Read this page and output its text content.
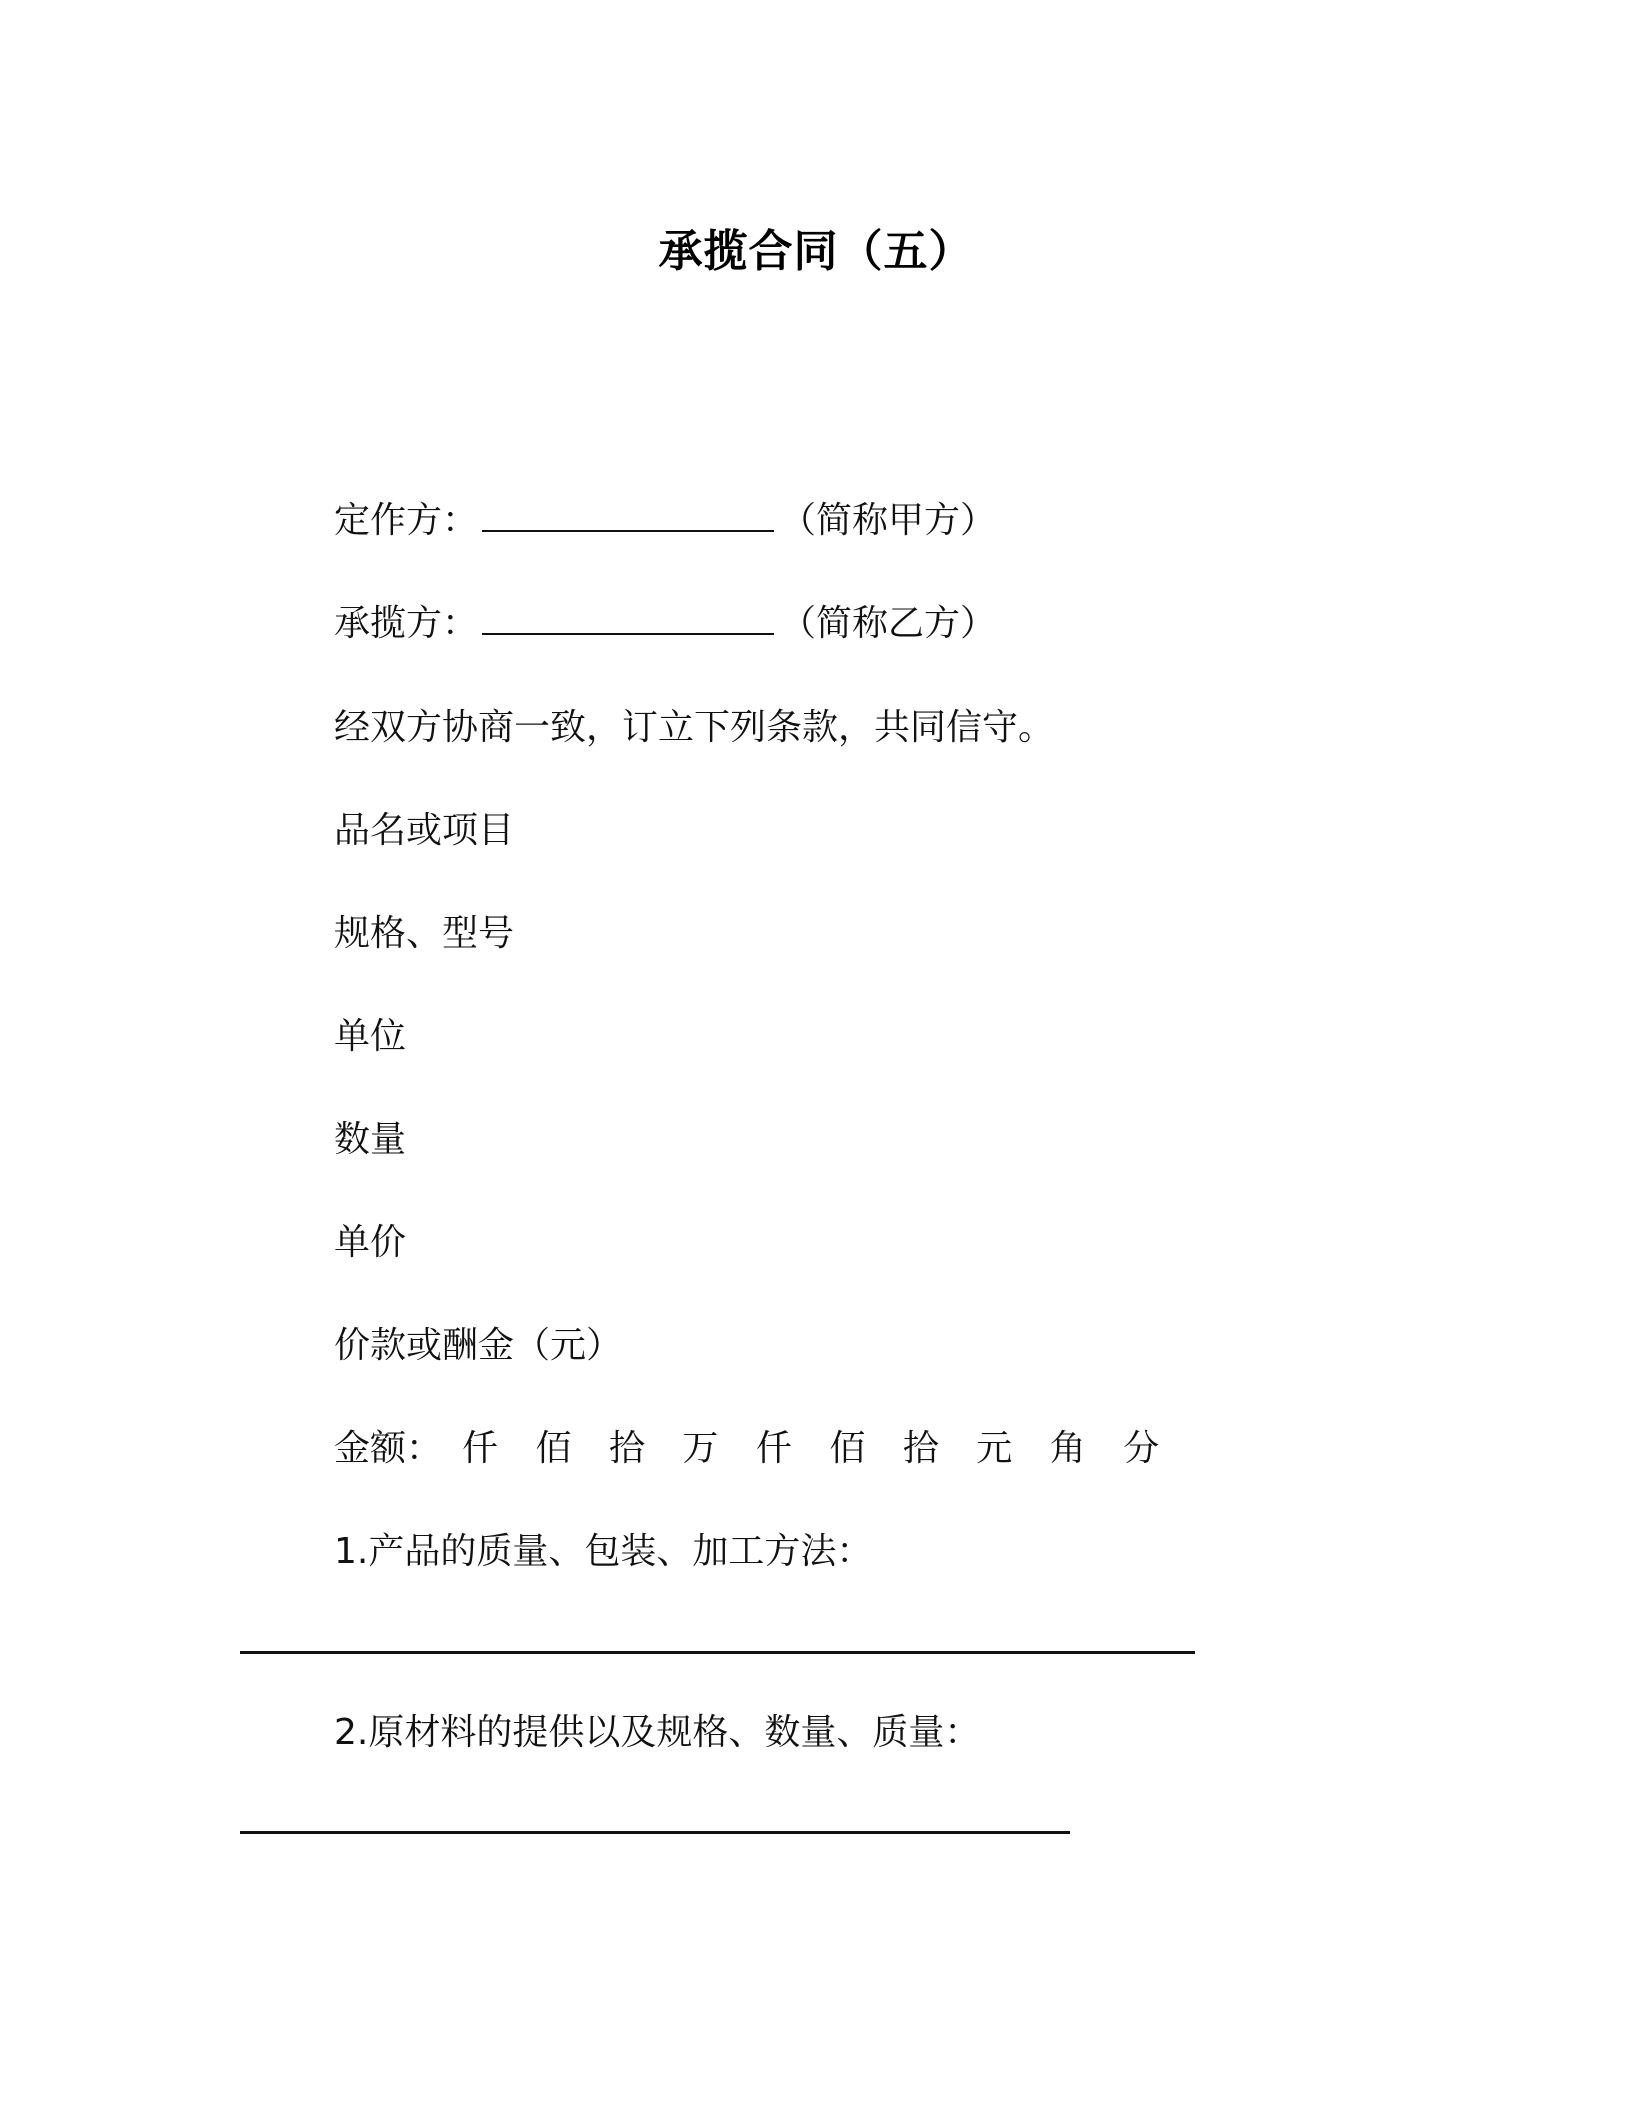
承揽合同（五）
定作方：	（简称甲方）
承揽方：	（简称乙方）
经双方协商一致，订立下列条款，共同信守。
品名或项目
规格、型号
单位
数量
单价
价款或酬金（元）
金额： 仟 佰 拾 万 仟 佰 拾 元 角 分
1.产品的质量、包装、加工方法：
2.原材料的提供以及规格、数量、质量：
